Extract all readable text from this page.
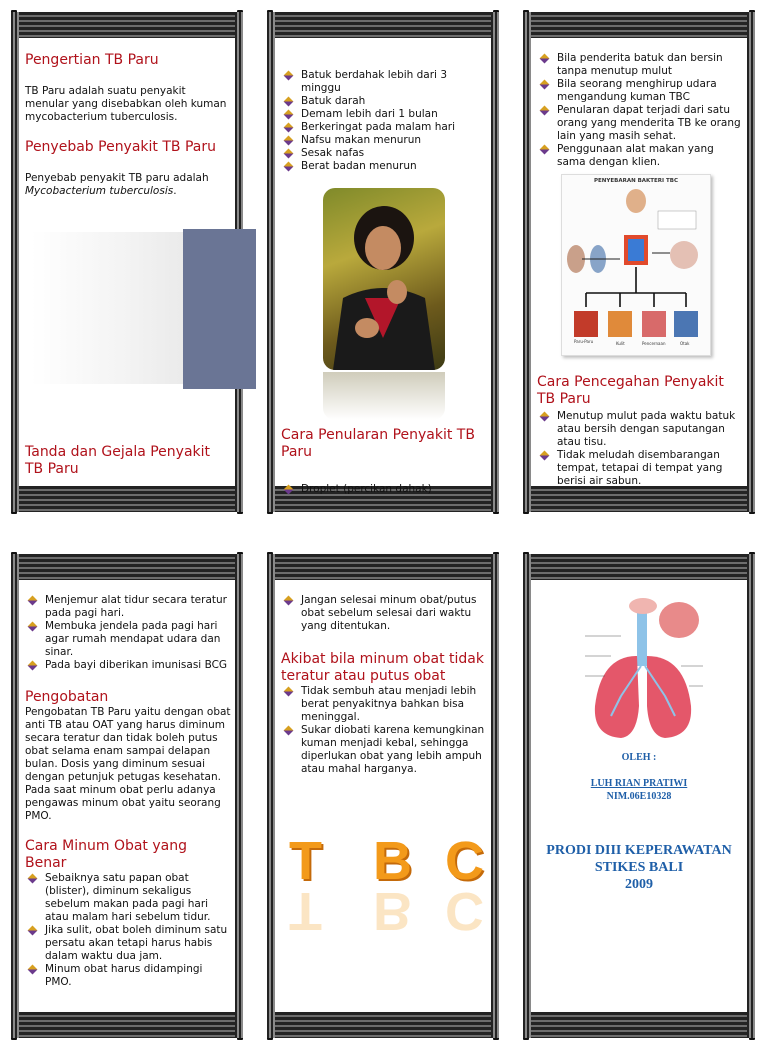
Pengertian TB Paru

TB Paru adalah suatu penyakit menular yang disebabkan oleh kuman mycobacterium tuberculosis.

Penyebab Penyakit TB Paru

Penyebab penyakit TB paru adalah
Mycobacterium tuberculosis.

Tanda dan Gejala Penyakit TB Paru
Batuk berdahak lebih dari 3 minggu
Batuk darah
Demam lebih dari 1 bulan
Berkeringat pada malam hari
Nafsu makan menurun
Sesak nafas
Berat badan menurun
Cara Penularan Penyakit TB Paru
Droplet (percikan dahak)
Bila penderita batuk dan bersin tanpa menutup mulut
Bila seorang menghirup udara mengandung kuman TBC
Penularan dapat terjadi dari satu orang yang menderita TB ke orang lain yang masih sehat.
Penggunaan alat makan yang sama dengan klien.
PENYEBARAN BAKTERI TBC
Paru-Paru	Kulit	Pencernaan	Otak
Cara Pencegahan Penyakit TB Paru
Menutup mulut pada waktu batuk atau bersih dengan saputangan atau tisu.
Tidak meludah disembarangan tempat, tetapai di tempat yang berisi air sabun.
Menjemur alat tidur secara teratur pada pagi hari.
Membuka jendela pada pagi hari agar rumah mendapat udara dan sinar.
Pada bayi diberikan imunisasi BCG
Pengobatan

Pengobatan TB Paru yaitu dengan obat anti TB atau OAT yang harus diminum secara teratur dan tidak boleh putus obat selama enam sampai delapan bulan. Dosis yang diminum sesuai dengan petunjuk petugas kesehatan. Pada saat minum obat perlu adanya pengawas minum obat yaitu seorang PMO.

Cara Minum Obat yang Benar
Sebaiknya satu papan obat (blister), diminum sekaligus sebelum makan pada pagi hari atau malam hari sebelum tidur.
Jika sulit, obat boleh diminum satu persatu akan tetapi harus habis dalam waktu dua jam.
Minum obat harus didampingi PMO.
Jangan selesai minum obat/putus obat sebelum selesai dari waktu yang ditentukan.
Akibat bila minum obat tidak teratur atau putus obat
Tidak sembuh atau menjadi lebih berat penyakitnya bahkan bisa meninggal.
Sukar diobati karena kemungkinan kuman menjadi kebal, sehingga diperlukan obat yang lebih ampuh atau mahal harganya.
T B C
T B C
OLEH :
LUH RIAN PRATIWI
NIM.06E10328
PRODI DIII KEPERAWATAN
STIKES BALI
2009
